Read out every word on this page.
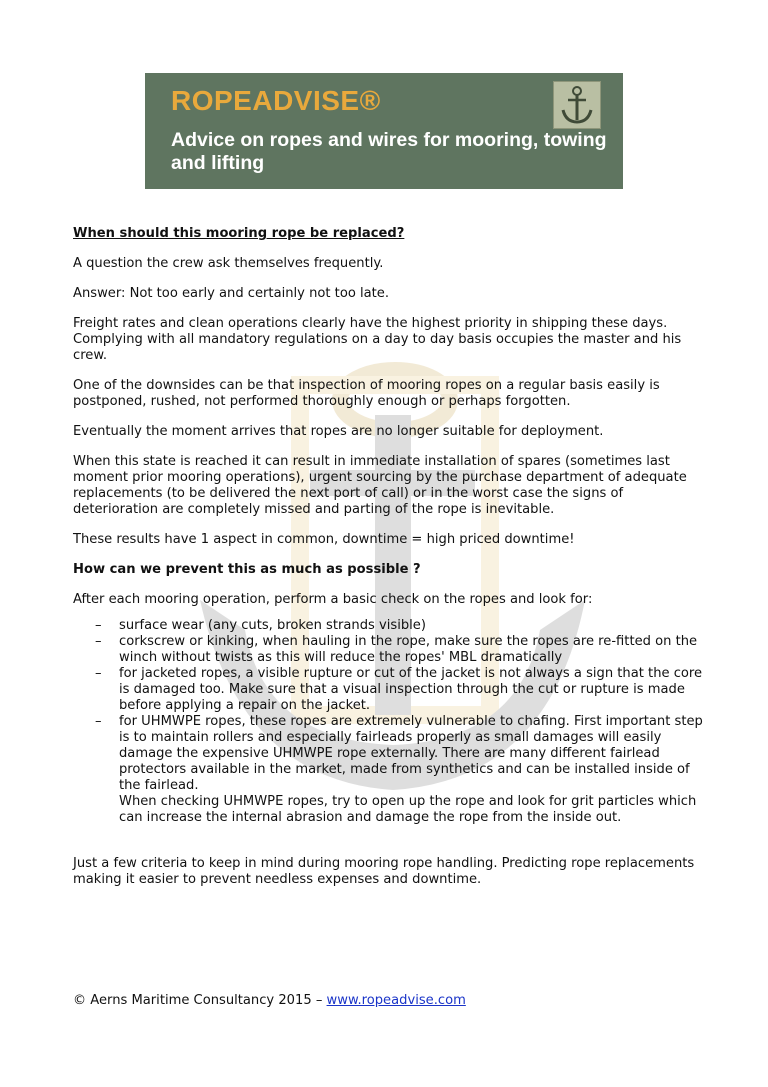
ROPEADVISE®
Advice on ropes and wires for mooring, towing and lifting

When should this mooring rope be replaced?

A question the crew ask themselves frequently.

Answer: Not too early and certainly not too late.

Freight rates and clean operations clearly have the highest priority in shipping these days. Complying with all mandatory regulations on a day to day basis occupies the master and his crew.

One of the downsides can be that inspection of mooring ropes on a regular basis easily is postponed, rushed, not performed thoroughly enough or perhaps forgotten.

Eventually the moment arrives that ropes are no longer suitable for deployment.

When this state is reached it can result in immediate installation of spares (sometimes last moment prior mooring operations), urgent sourcing by the purchase department of adequate replacements (to be delivered the next port of call) or in the worst case the signs of deterioration are completely missed and parting of the rope is inevitable.

These results have 1 aspect in common, downtime = high priced downtime!

How can we prevent this as much as possible ?

After each mooring operation, perform a basic check on the ropes and look for:

– surface wear (any cuts, broken strands visible)
– corkscrew or kinking, when hauling in the rope, make sure the ropes are re-fitted on the winch without twists as this will reduce the ropes' MBL dramatically
– for jacketed ropes, a visible rupture or cut of the jacket is not always a sign that the core is damaged too. Make sure that a visual inspection through the cut or rupture is made before applying a repair on the jacket.
– for UHMWPE ropes, these ropes are extremely vulnerable to chafing. First important step is to maintain rollers and especially fairleads properly as small damages will easily damage the expensive UHMWPE rope externally. There are many different fairlead protectors available in the market, made from synthetics and can be installed inside of the fairlead.
When checking UHMWPE ropes, try to open up the rope and look for grit particles which can increase the internal abrasion and damage the rope from the inside out.

Just a few criteria to keep in mind during mooring rope handling. Predicting rope replacements making it easier to prevent needless expenses and downtime.

© Aerns Maritime Consultancy 2015 – www.ropeadvise.com
